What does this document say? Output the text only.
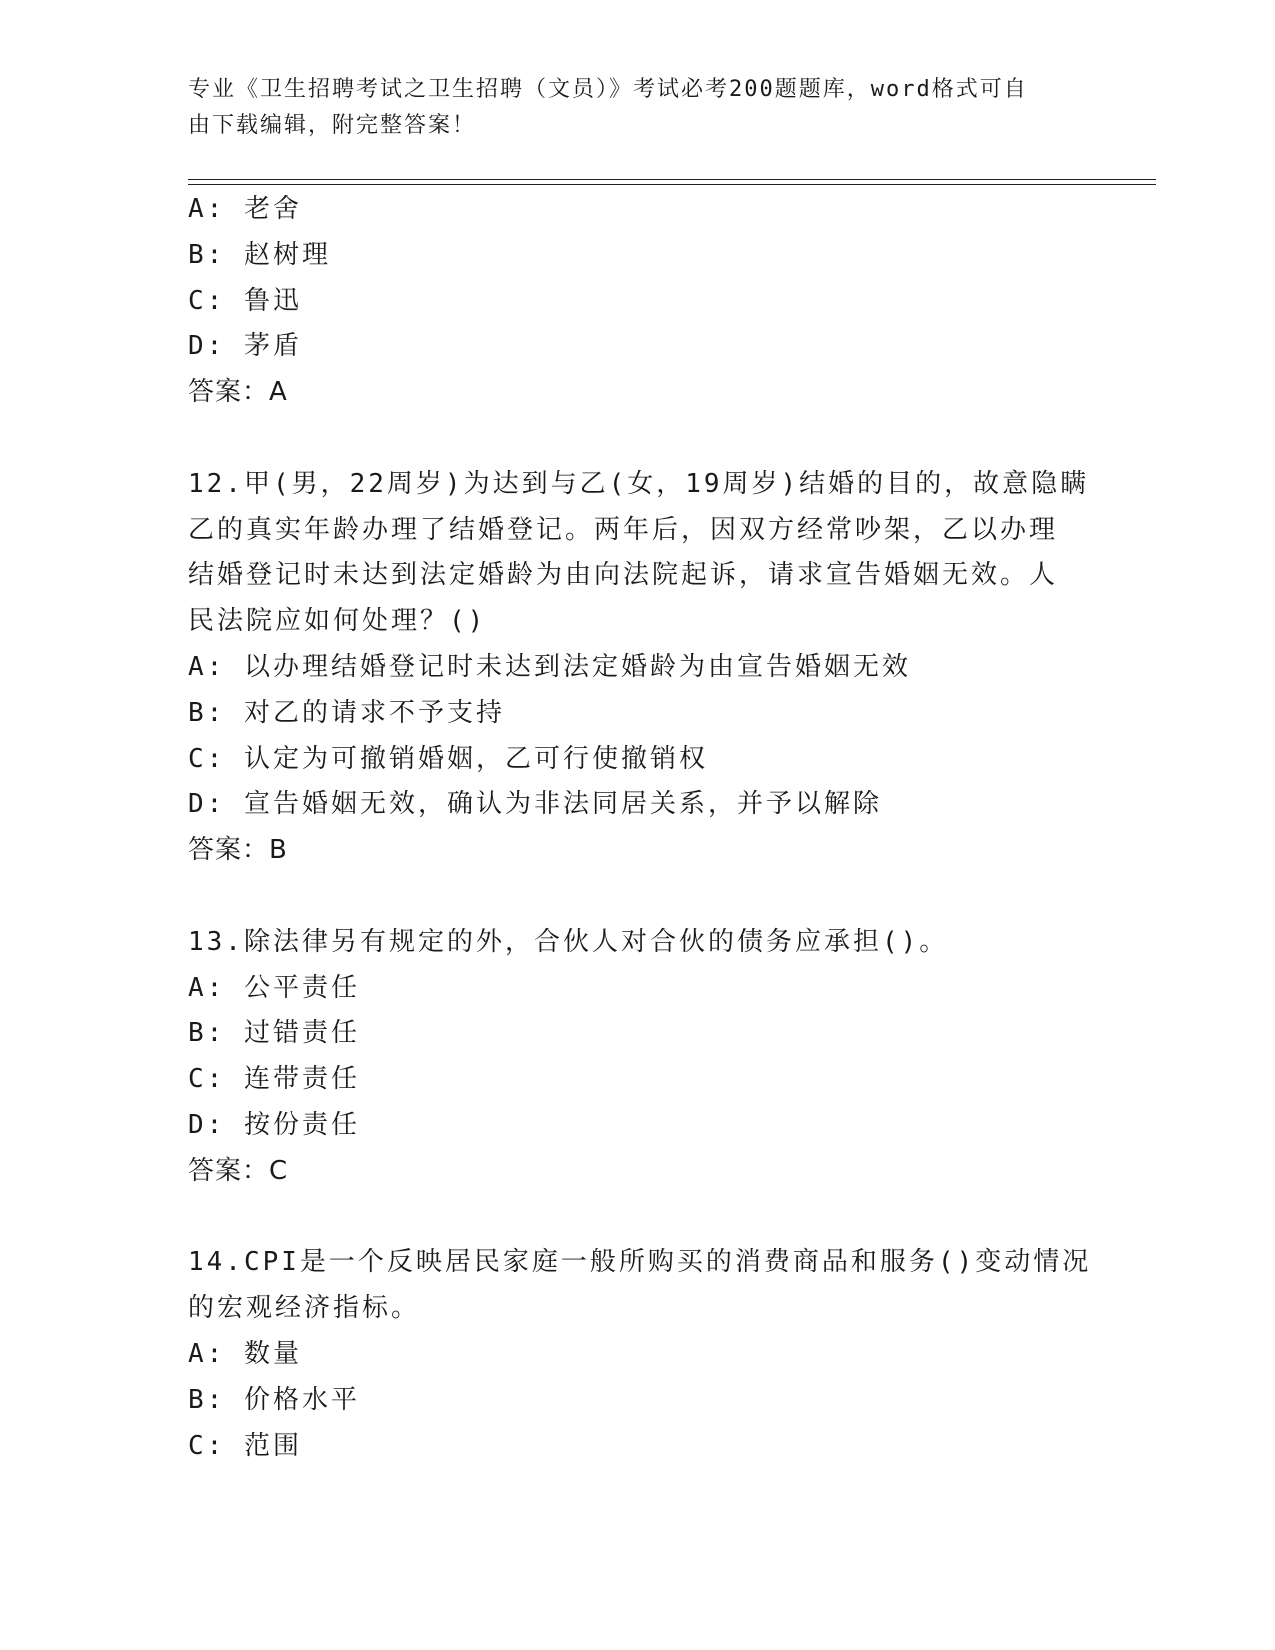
专业《卫生招聘考试之卫生招聘（文员）》考试必考200题题库，word格式可自
由下载编辑，附完整答案！
A: 老舍
B: 赵树理
C: 鲁迅
D: 茅盾
答案：A
12.甲(男，22周岁)为达到与乙(女，19周岁)结婚的目的，故意隐瞒
乙的真实年龄办理了结婚登记。两年后，因双方经常吵架，乙以办理
结婚登记时未达到法定婚龄为由向法院起诉，请求宣告婚姻无效。人
民法院应如何处理？()
A: 以办理结婚登记时未达到法定婚龄为由宣告婚姻无效
B: 对乙的请求不予支持
C: 认定为可撤销婚姻，乙可行使撤销权
D: 宣告婚姻无效，确认为非法同居关系，并予以解除
答案：B
13.除法律另有规定的外，合伙人对合伙的债务应承担()。
A: 公平责任
B: 过错责任
C: 连带责任
D: 按份责任
答案：C
14.CPI是一个反映居民家庭一般所购买的消费商品和服务()变动情况
的宏观经济指标。
A: 数量
B: 价格水平
C: 范围
